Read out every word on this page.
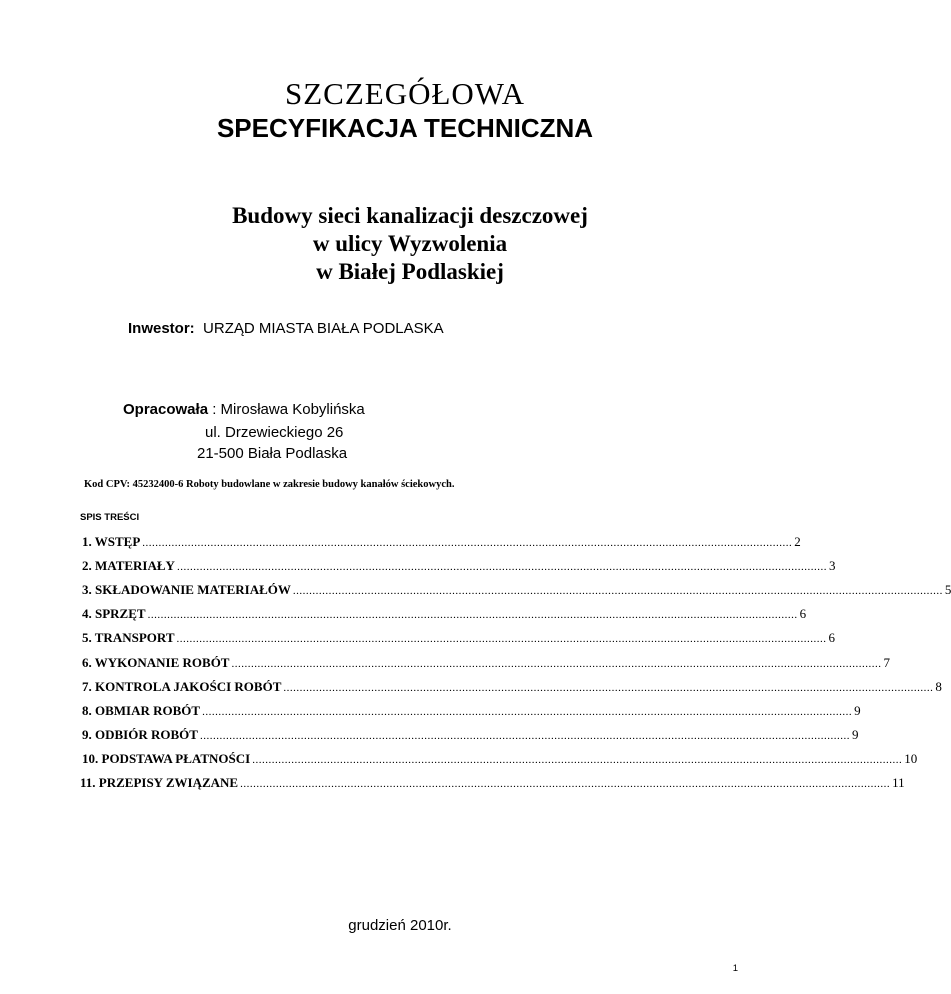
SZCZEGÓŁOWA
SPECYFIKACJA TECHNICZNA
Budowy sieci kanalizacji deszczowej
w ulicy Wyzwolenia
w Białej Podlaskiej
Inwestor: URZĄD MIASTA BIAŁA PODLASKA
Opracowała : Mirosława Kobylińska
ul. Drzewieckiego 26
21-500 Biała Podlaska
Kod CPV: 45232400-6 Roboty budowlane w zakresie budowy kanałów ściekowych.
SPIS TREŚCI
1. WSTĘP ........................................................................................................................................................................................................ 2
2. MATERIAŁY ........................................................................................................................................................................................................ 3
3. SKŁADOWANIE MATERIAŁÓW ........................................................................................................................................................................................................ 5
4. SPRZĘT ........................................................................................................................................................................................................ 6
5. TRANSPORT ........................................................................................................................................................................................................ 6
6. WYKONANIE ROBÓT ........................................................................................................................................................................................................ 7
7. KONTROLA JAKOŚCI ROBÓT ........................................................................................................................................................................................................ 8
8. OBMIAR ROBÓT ........................................................................................................................................................................................................ 9
9. ODBIÓR ROBÓT ........................................................................................................................................................................................................ 9
10. PODSTAWA PŁATNOŚCI ........................................................................................................................................................................................................ 10
11. PRZEPISY ZWIĄZANE ........................................................................................................................................................................................................ 11
grudzień 2010r.
1
